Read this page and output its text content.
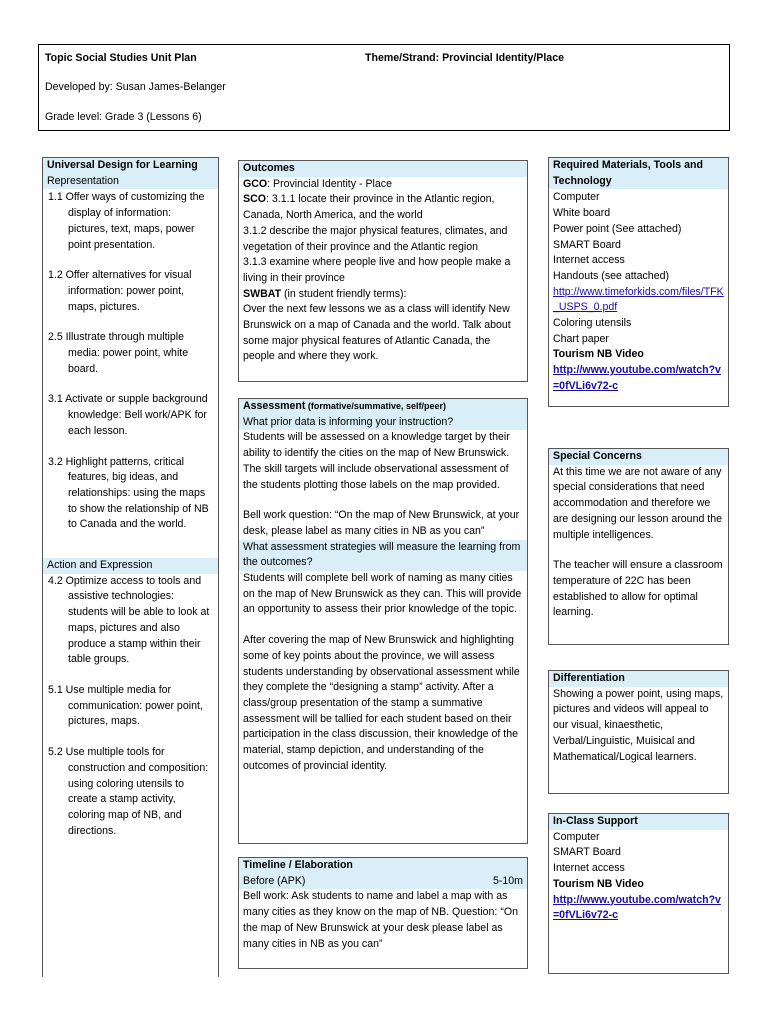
Topic Social Studies Unit Plan	Theme/Strand: Provincial Identity/Place
Developed by: Susan James-Belanger
Grade level: Grade 3 (Lessons 6)
Universal Design for Learning
Representation
1.1 Offer ways of customizing the display of information: pictures, text, maps, power point presentation.
1.2 Offer alternatives for visual information: power point, maps, pictures.
2.5 Illustrate through multiple media: power point, white board.
3.1 Activate or supple background knowledge: Bell work/APK for each lesson.
3.2 Highlight patterns, critical features, big ideas, and relationships: using the maps to show the relationship of NB to Canada and the world.
Action and Expression
4.2 Optimize access to tools and assistive technologies: students will be able to look at maps, pictures and also produce a stamp within their table groups.
5.1 Use multiple media for communication: power point, pictures, maps.
5.2 Use multiple tools for construction and composition: using coloring utensils to create a stamp activity, coloring map of NB, and directions.
Outcomes
GCO: Provincial Identity - Place
SCO: 3.1.1 locate their province in the Atlantic region, Canada, North America, and the world
3.1.2 describe the major physical features, climates, and vegetation of their province and the Atlantic region
3.1.3 examine where people live and how people make a living in their province
SWBAT (in student friendly terms):
Over the next few lessons we as a class will identify New Brunswick on a map of Canada and the world. Talk about some major physical features of Atlantic Canada, the people and where they work.
Assessment (formative/summative, self/peer)
What prior data is informing your instruction?
Students will be assessed on a knowledge target by their ability to identify the cities on the map of New Brunswick. The skill targets will include observational assessment of the students plotting those labels on the map provided.
Bell work question: “On the map of New Brunswick, at your desk, please label as many cities in NB as you can”
What assessment strategies will measure the learning from the outcomes?
Students will complete bell work of naming as many cities on the map of New Brunswick as they can. This will provide an opportunity to assess their prior knowledge of the topic.
After covering the map of New Brunswick and highlighting some of key points about the province, we will assess students understanding by observational assessment while they complete the “designing a stamp” activity. After a class/group presentation of the stamp a summative assessment will be tallied for each student based on their participation in the class discussion, their knowledge of the material, stamp depiction, and understanding of the outcomes of provincial identity.
Timeline / Elaboration
Before (APK)	5-10m
Bell work: Ask students to name and label a map with as many cities as they know on the map of NB. Question: “On the map of New Brunswick at your desk please label as many cities in NB as you can”
Required Materials, Tools and Technology
Computer
White board
Power point (See attached)
SMART Board
Internet access
Handouts (see attached)
http://www.timeforkids.com/files/TFK_USPS_0.pdf
Coloring utensils
Chart paper
Tourism NB Video
http://www.youtube.com/watch?v=0fVLi6v72-c
Special Concerns
At this time we are not aware of any special considerations that need accommodation and therefore we are designing our lesson around the multiple intelligences.
The teacher will ensure a classroom temperature of 22C has been established to allow for optimal learning.
Differentiation
Showing a power point, using maps, pictures and videos will appeal to our visual, kinaesthetic, Verbal/Linguistic, Muisical and Mathematical/Logical learners.
In-Class Support
Computer
SMART Board
Internet access
Tourism NB Video
http://www.youtube.com/watch?v=0fVLi6v72-c
